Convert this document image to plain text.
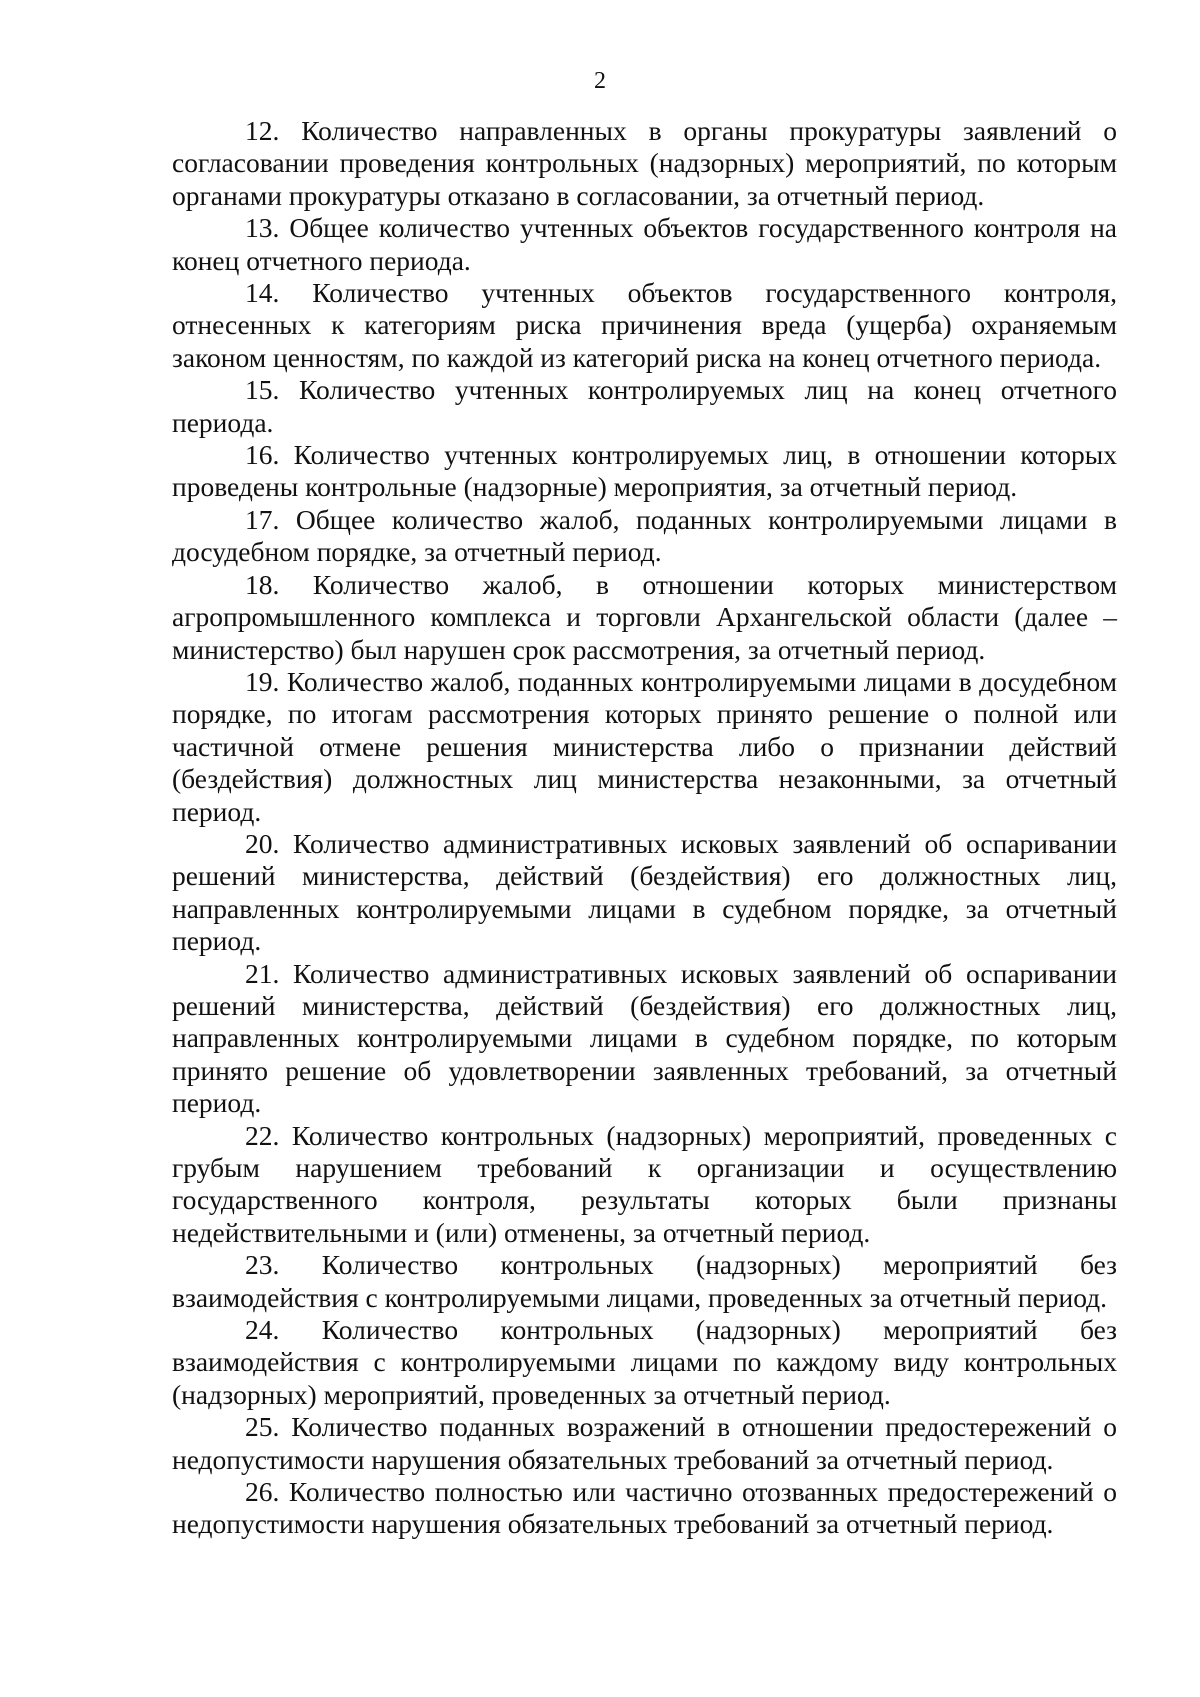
2

12. Количество направленных в органы прокуратуры заявлений о согласовании проведения контрольных (надзорных) мероприятий, по которым органами прокуратуры отказано в согласовании, за отчетный период.

13. Общее количество учтенных объектов государственного контроля на конец отчетного периода.

14. Количество учтенных объектов государственного контроля, отнесенных к категориям риска причинения вреда (ущерба) охраняемым законом ценностям, по каждой из категорий риска на конец отчетного периода.

15. Количество учтенных контролируемых лиц на конец отчетного периода.

16. Количество учтенных контролируемых лиц, в отношении которых проведены контрольные (надзорные) мероприятия, за отчетный период.

17. Общее количество жалоб, поданных контролируемыми лицами в досудебном порядке, за отчетный период.

18. Количество жалоб, в отношении которых министерством агропромышленного комплекса и торговли Архангельской области (далее – министерство) был нарушен срок рассмотрения, за отчетный период.

19. Количество жалоб, поданных контролируемыми лицами в досудебном порядке, по итогам рассмотрения которых принято решение о полной или частичной отмене решения министерства либо о признании действий (бездействия) должностных лиц министерства незаконными, за отчетный период.

20. Количество административных исковых заявлений об оспаривании решений министерства, действий (бездействия) его должностных лиц, направленных контролируемыми лицами в судебном порядке, за отчетный период.

21. Количество административных исковых заявлений об оспаривании решений министерства, действий (бездействия) его должностных лиц, направленных контролируемыми лицами в судебном порядке, по которым принято решение об удовлетворении заявленных требований, за отчетный период.

22. Количество контрольных (надзорных) мероприятий, проведенных с грубым нарушением требований к организации и осуществлению государственного контроля, результаты которых были признаны недействительными и (или) отменены, за отчетный период.

23. Количество контрольных (надзорных) мероприятий без взаимодействия с контролируемыми лицами, проведенных за отчетный период.

24. Количество контрольных (надзорных) мероприятий без взаимодействия с контролируемыми лицами по каждому виду контрольных (надзорных) мероприятий, проведенных за отчетный период.

25. Количество поданных возражений в отношении предостережений о недопустимости нарушения обязательных требований за отчетный период.

26. Количество полностью или частично отозванных предостережений о недопустимости нарушения обязательных требований за отчетный период.
